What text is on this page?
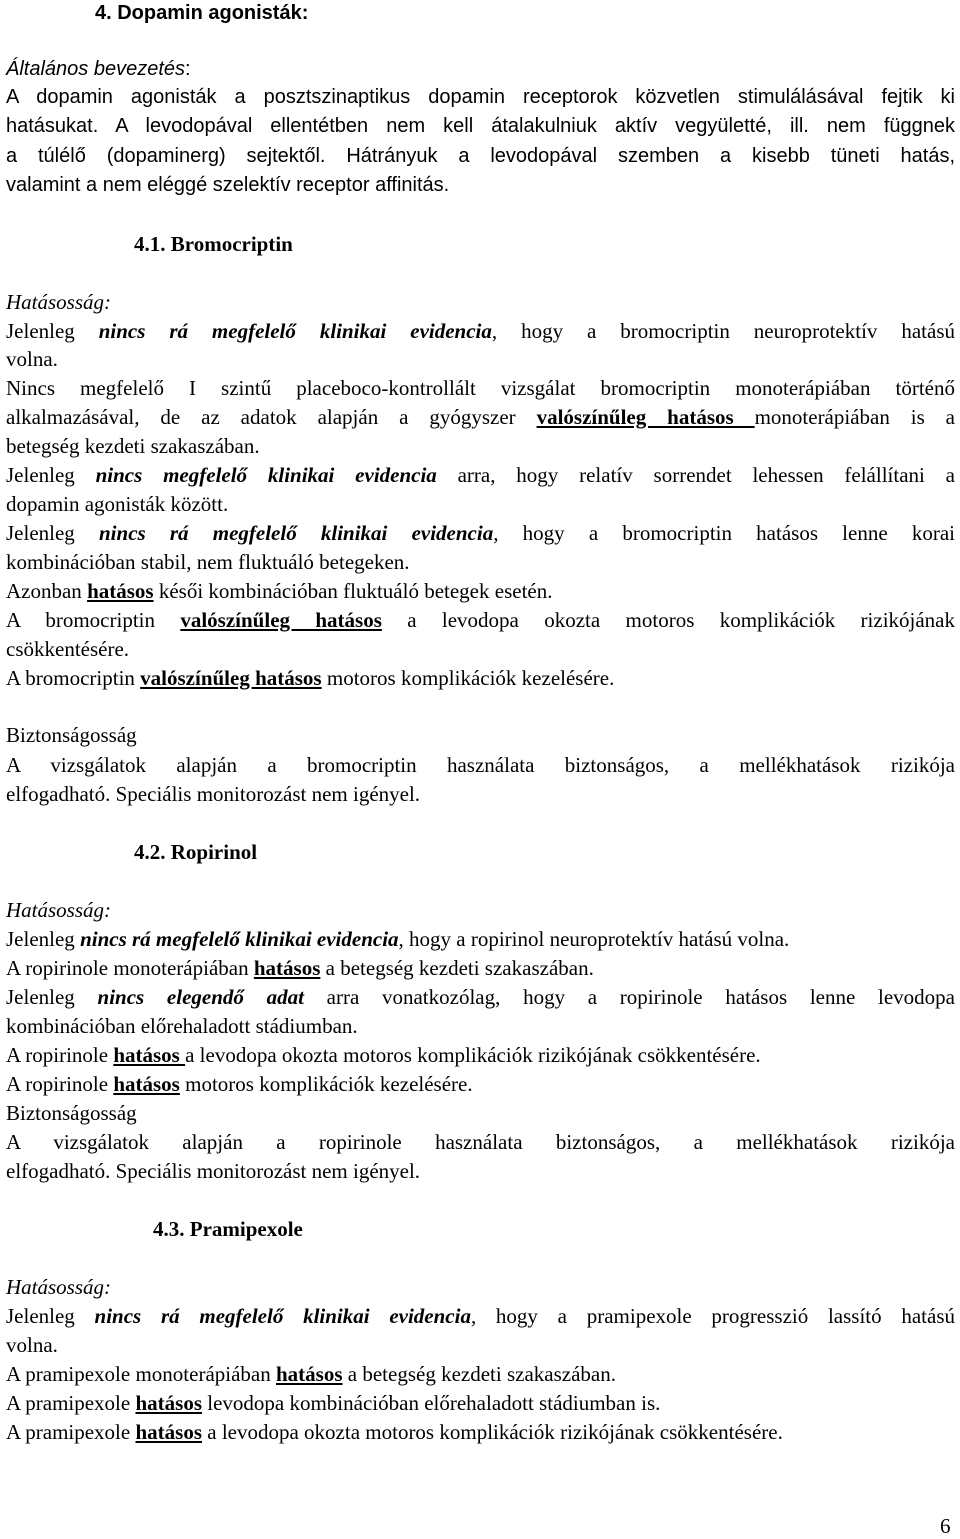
4. Dopamin agonisták:
Általános bevezetés:
A dopamin agonisták a posztszinaptikus dopamin receptorok közvetlen stimulálásával fejtik ki
hatásukat. A levodopával ellentétben nem kell átalakulniuk aktív vegyületté, ill. nem függnek
a túlélő (dopaminerg) sejtektől. Hátrányuk a levodopával szemben a kisebb tüneti hatás,
valamint a nem eléggé szelektív receptor affinitás.
4.1. Bromocriptin
Hatásosság:
Jelenleg nincs rá megfelelő klinikai evidencia, hogy a bromocriptin neuroprotektív hatású
volna.
Nincs megfelelő I szintű placeboco-kontrollált vizsgálat bromocriptin monoterápiában történő
alkalmazásával, de az adatok alapján a gyógyszer valószínűleg hatásos monoterápiában is a
betegség kezdeti szakaszában.
Jelenleg nincs megfelelő klinikai evidencia arra, hogy relatív sorrendet lehessen felállítani a
dopamin agonisták között.
Jelenleg nincs rá megfelelő klinikai evidencia, hogy a bromocriptin hatásos lenne korai
kombinációban stabil, nem fluktuáló betegeken.
Azonban hatásos késői kombinációban fluktuáló betegek esetén.
A bromocriptin valószínűleg hatásos a levodopa okozta motoros komplikációk rizikójának
csökkentésére.
A bromocriptin valószínűleg hatásos motoros komplikációk kezelésére.
Biztonságosság
A vizsgálatok alapján a bromocriptin használata biztonságos, a mellékhatások rizikója
elfogadható. Speciális monitorozást nem igényel.
4.2. Ropirinol
Hatásosság:
Jelenleg nincs rá megfelelő klinikai evidencia, hogy a ropirinol neuroprotektív hatású volna.
A ropirinole monoterápiában hatásos a betegség kezdeti szakaszában.
Jelenleg nincs elegendő adat arra vonatkozólag, hogy a ropirinole hatásos lenne levodopa
kombinációban előrehaladott stádiumban.
A ropirinole hatásos a levodopa okozta motoros komplikációk rizikójának csökkentésére.
A ropirinole hatásos motoros komplikációk kezelésére.
Biztonságosság
A vizsgálatok alapján a ropirinole használata biztonságos, a mellékhatások rizikója
elfogadható. Speciális monitorozást nem igényel.
4.3. Pramipexole
Hatásosság:
Jelenleg nincs rá megfelelő klinikai evidencia, hogy a pramipexole progresszió lassító hatású
volna.
A pramipexole monoterápiában hatásos a betegség kezdeti szakaszában.
A pramipexole hatásos levodopa kombinációban előrehaladott stádiumban is.
A pramipexole hatásos a levodopa okozta motoros komplikációk rizikójának csökkentésére.
6
